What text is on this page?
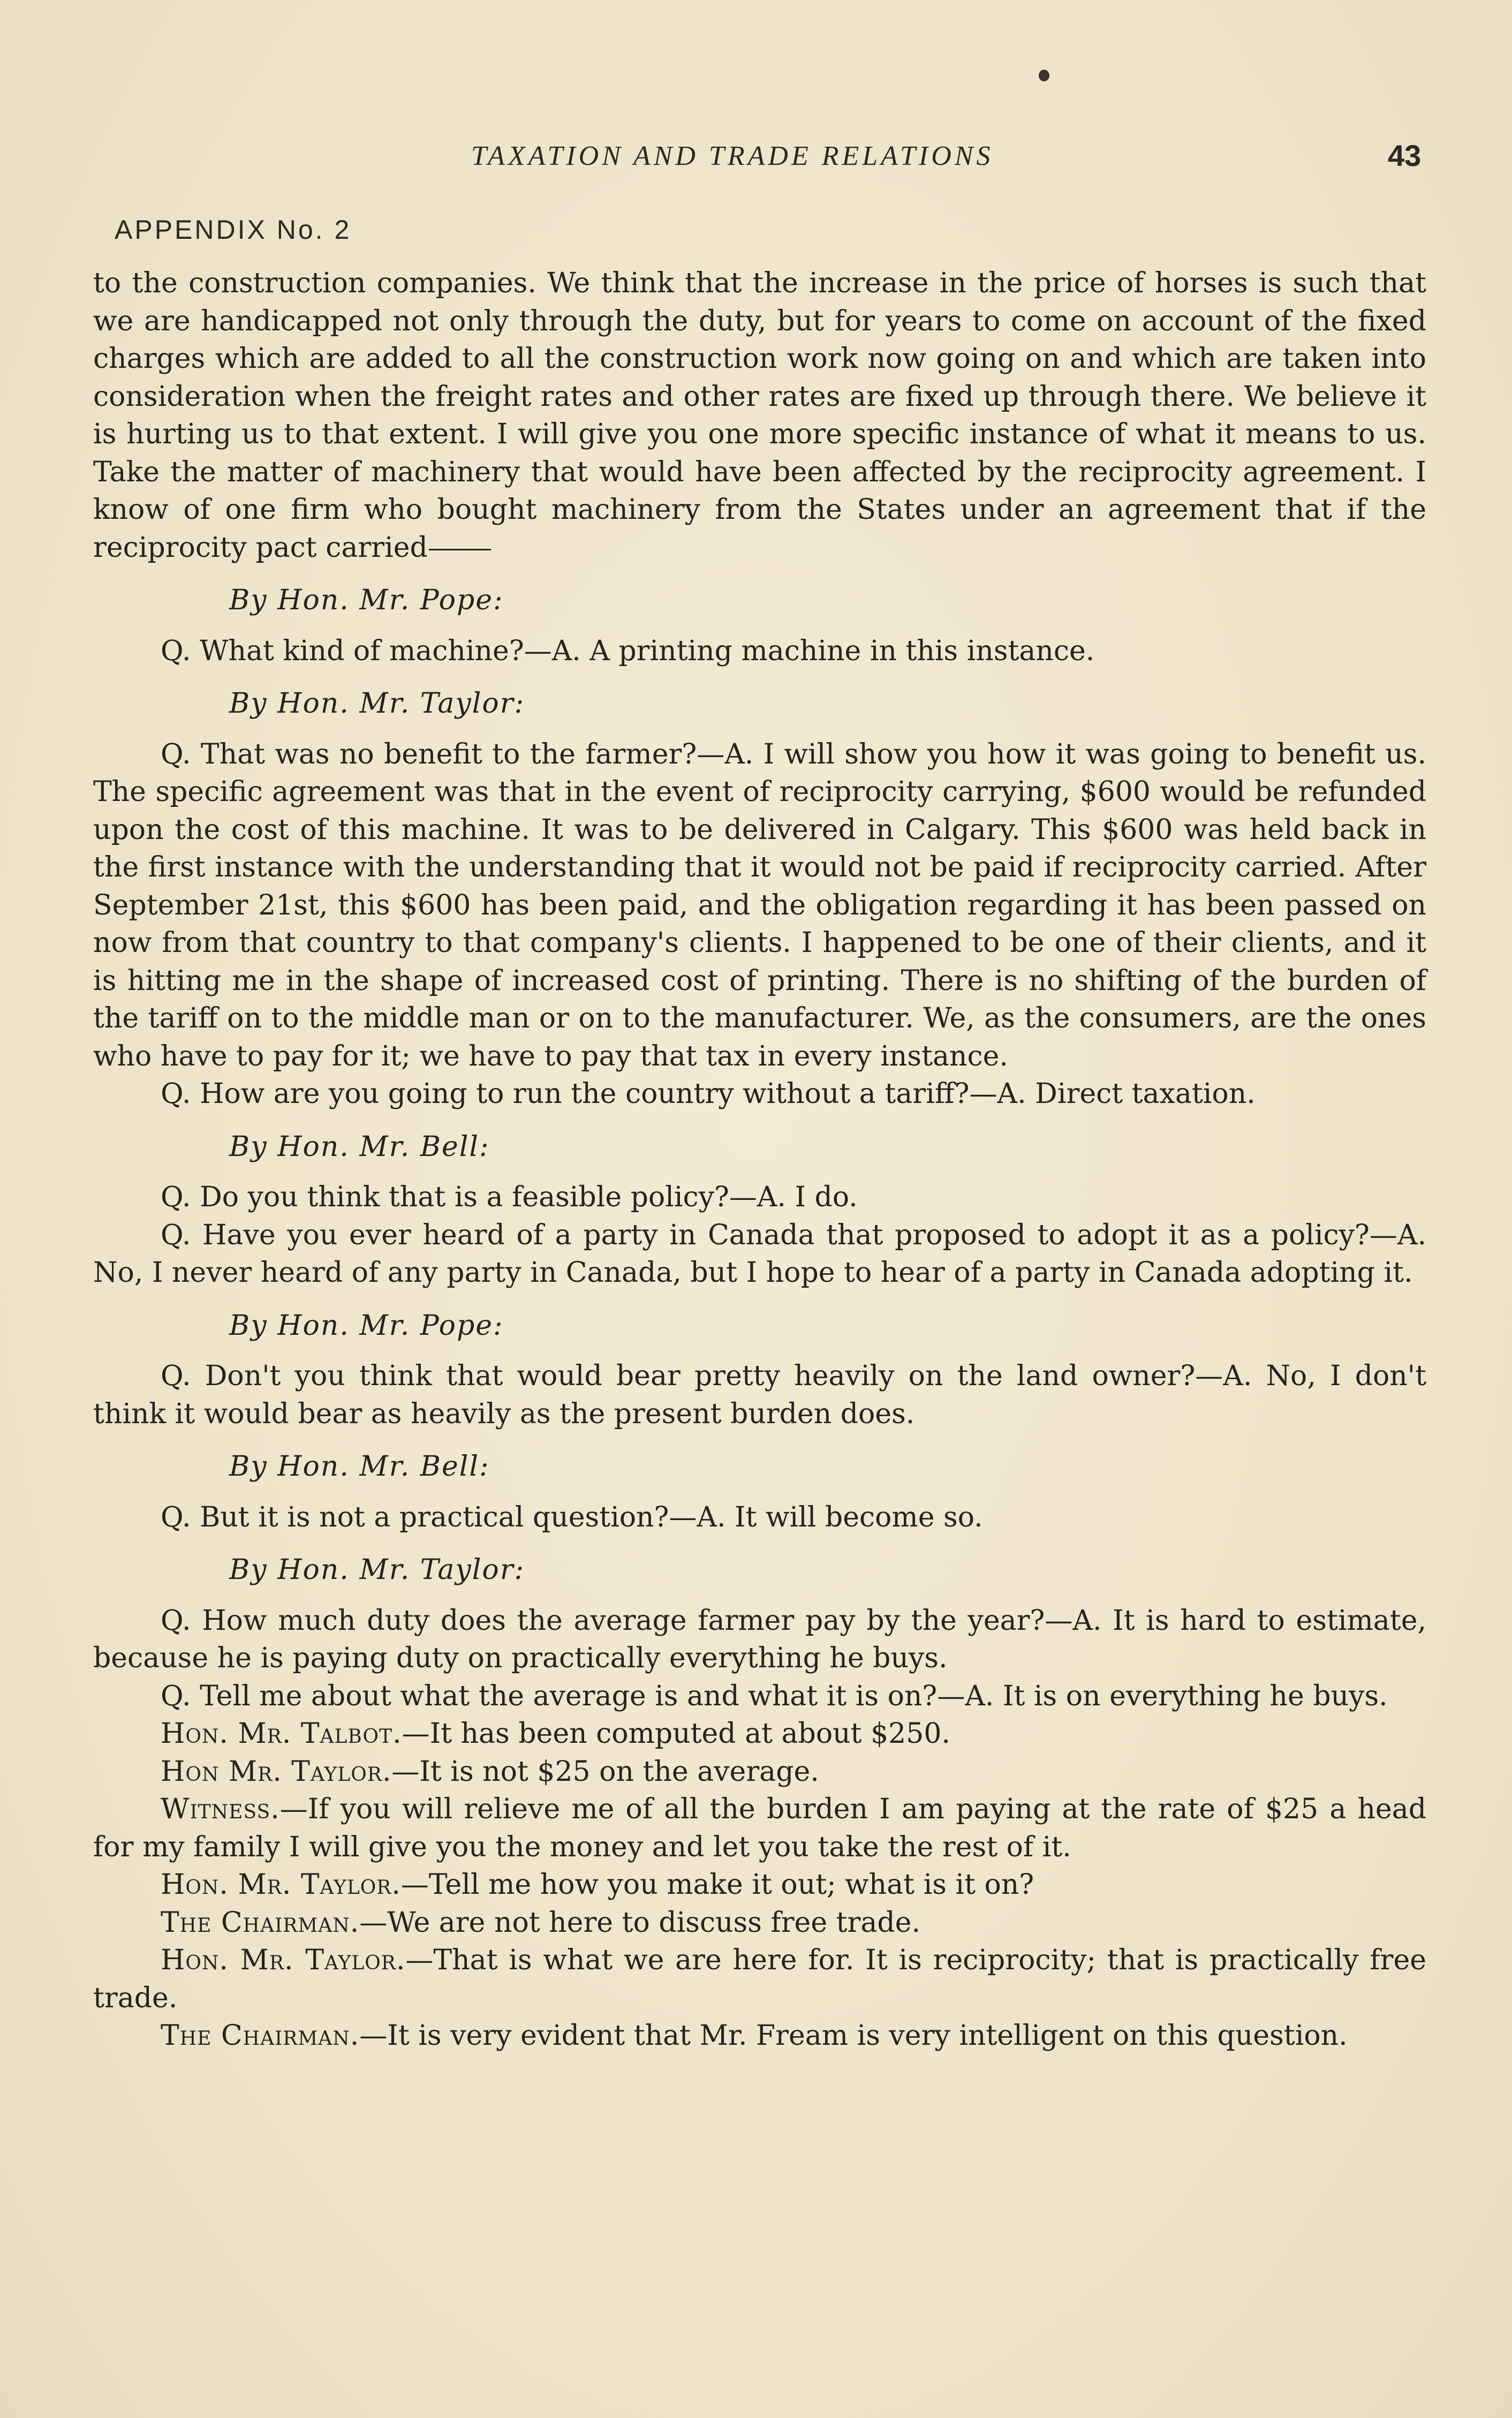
TAXATION AND TRADE RELATIONS	43
APPENDIX No. 2

to the construction companies. We think that the increase in the price of horses is such that we are handicapped not only through the duty, but for years to come on account of the fixed charges which are added to all the construction work now going on and which are taken into consideration when the freight rates and other rates are fixed up through there. We believe it is hurting us to that extent. I will give you one more specific instance of what it means to us. Take the matter of machinery that would have been affected by the reciprocity agreement. I know of one firm who bought machinery from the States under an agreement that if the reciprocity pact carried

By Hon. Mr. Pope:

Q. What kind of machine?—A. A printing machine in this instance.

By Hon. Mr. Taylor:

Q. That was no benefit to the farmer?—A. I will show you how it was going to benefit us. The specific agreement was that in the event of reciprocity carrying, $600 would be refunded upon the cost of this machine. It was to be delivered in Calgary. This $600 was held back in the first instance with the understanding that it would not be paid if reciprocity carried. After September 21st, this $600 has been paid, and the obligation regarding it has been passed on now from that country to that company's clients. I happened to be one of their clients, and it is hitting me in the shape of increased cost of printing. There is no shifting of the burden of the tariff on to the middle man or on to the manufacturer. We, as the consumers, are the ones who have to pay for it; we have to pay that tax in every instance.

Q. How are you going to run the country without a tariff?—A. Direct taxation.

By Hon. Mr. Bell:

Q. Do you think that is a feasible policy?—A. I do.

Q. Have you ever heard of a party in Canada that proposed to adopt it as a policy?—A. No, I never heard of any party in Canada, but I hope to hear of a party in Canada adopting it.

By Hon. Mr. Pope:

Q. Don't you think that would bear pretty heavily on the land owner?—A. No, I don't think it would bear as heavily as the present burden does.

By Hon. Mr. Bell:

Q. But it is not a practical question?—A. It will become so.

By Hon. Mr. Taylor:

Q. How much duty does the average farmer pay by the year?—A. It is hard to estimate, because he is paying duty on practically everything he buys.

Q. Tell me about what the average is and what it is on?—A. It is on everything he buys.

Hon. Mr. Talbot.—It has been computed at about $250.

Hon Mr. Taylor.—It is not $25 on the average.

Witness.—If you will relieve me of all the burden I am paying at the rate of $25 a head for my family I will give you the money and let you take the rest of it.

Hon. Mr. Taylor.—Tell me how you make it out; what is it on?

The Chairman.—We are not here to discuss free trade.

Hon. Mr. Taylor.—That is what we are here for. It is reciprocity; that is practically free trade.

The Chairman.—It is very evident that Mr. Fream is very intelligent on this question.
